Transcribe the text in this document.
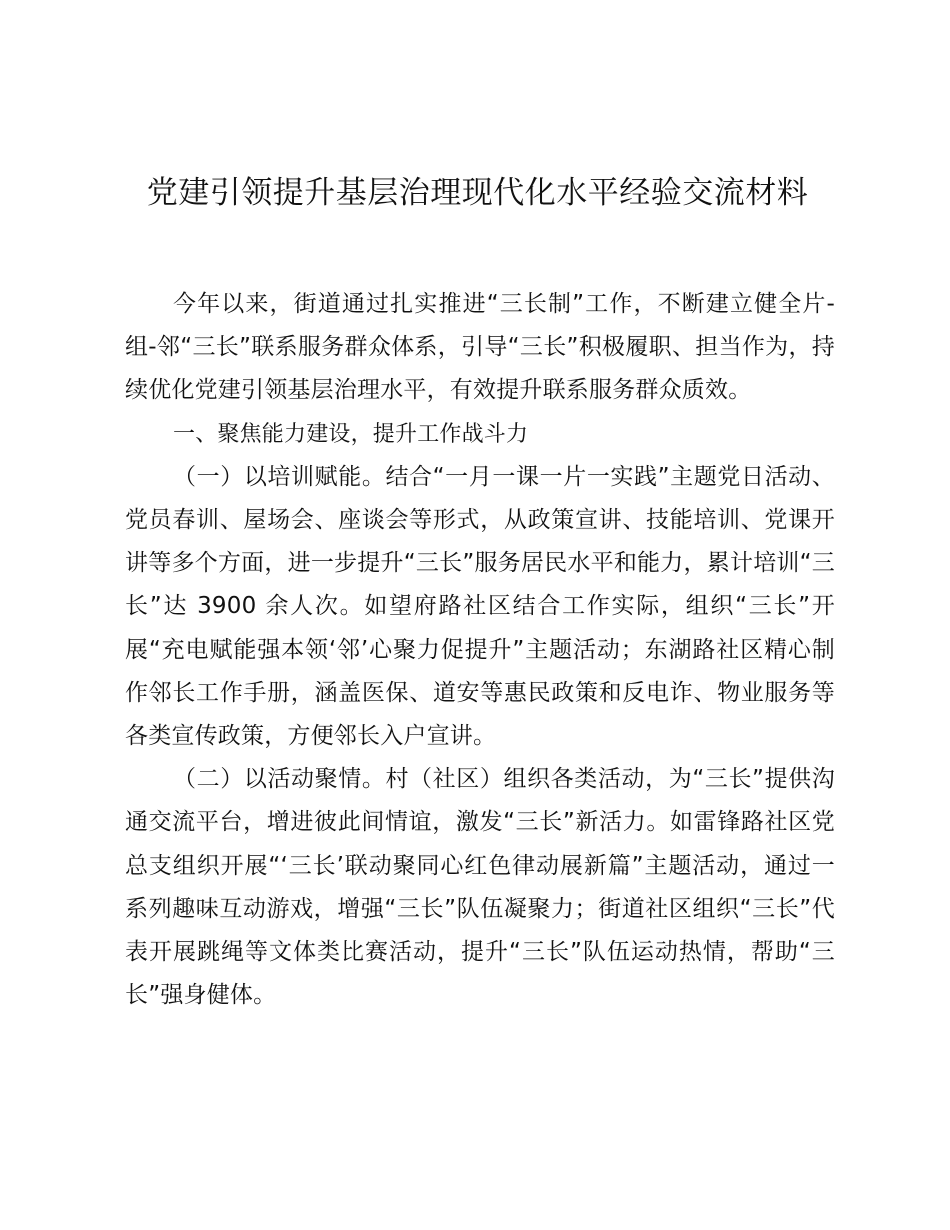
党建引领提升基层治理现代化水平经验交流材料

今年以来，街道通过扎实推进“三长制”工作，不断建立健全片-组-邻“三长”联系服务群众体系，引导“三长”积极履职、担当作为，持续优化党建引领基层治理水平，有效提升联系服务群众质效。

一、聚焦能力建设，提升工作战斗力

（一）以培训赋能。结合“一月一课一片一实践”主题党日活动、党员春训、屋场会、座谈会等形式，从政策宣讲、技能培训、党课开讲等多个方面，进一步提升“三长”服务居民水平和能力，累计培训“三长”达 3900 余人次。如望府路社区结合工作实际，组织“三长”开展“充电赋能强本领‘邻’心聚力促提升”主题活动；东湖路社区精心制作邻长工作手册，涵盖医保、道安等惠民政策和反电诈、物业服务等各类宣传政策，方便邻长入户宣讲。

（二）以活动聚情。村（社区）组织各类活动，为“三长”提供沟通交流平台，增进彼此间情谊，激发“三长”新活力。如雷锋路社区党总支组织开展“‘三长’联动聚同心红色律动展新篇”主题活动，通过一系列趣味互动游戏，增强“三长”队伍凝聚力；街道社区组织“三长”代表开展跳绳等文体类比赛活动，提升“三长”队伍运动热情，帮助“三长”强身健体。
